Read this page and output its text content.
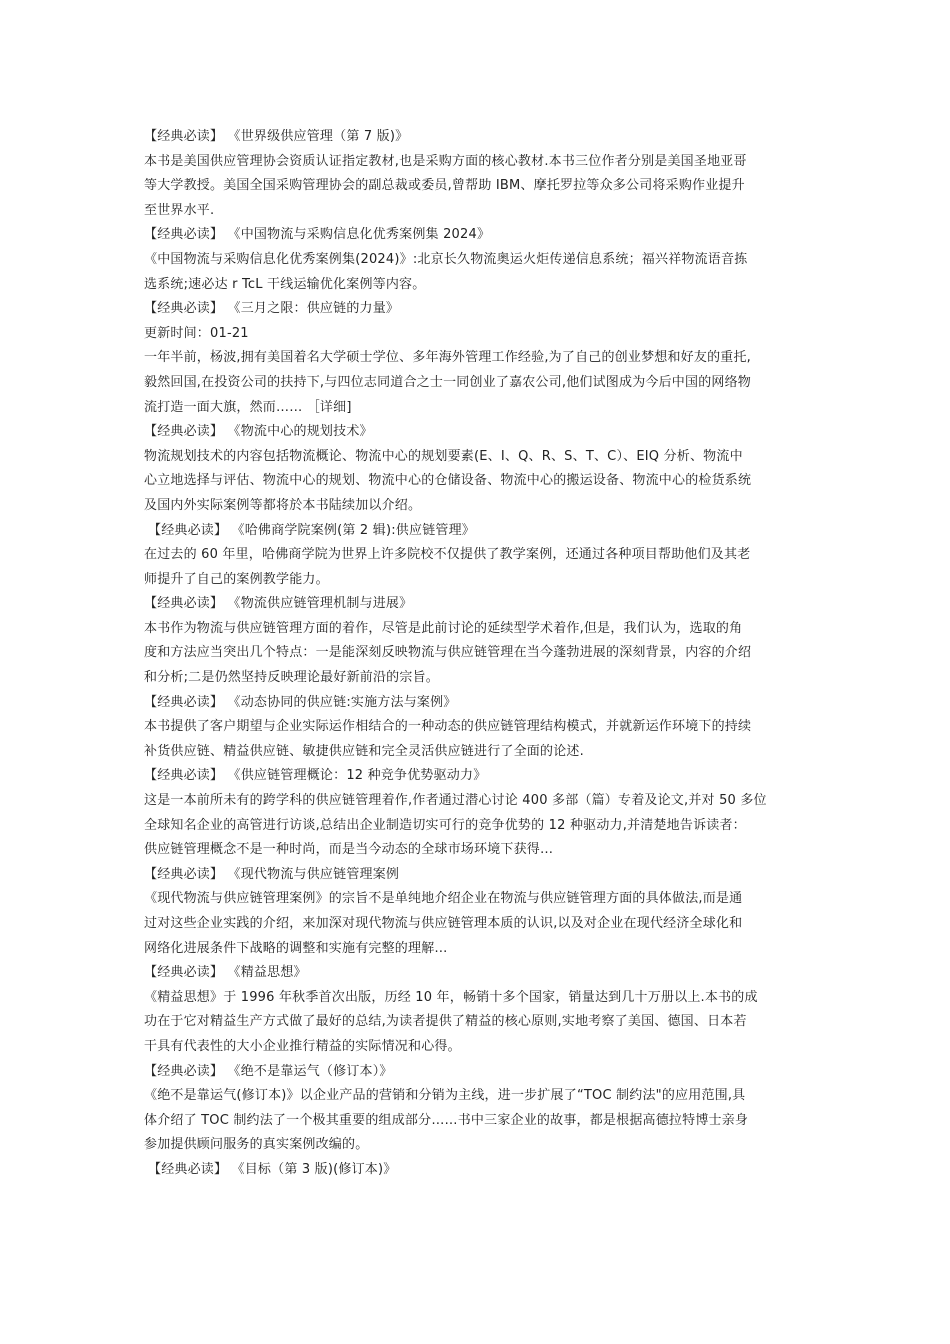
【经典必读】 《世界级供应管理（第 7 版)》
本书是美国供应管理协会资质认证指定教材,也是采购方面的核心教材.本书三位作者分别是美国圣地亚哥
等大学教授。美国全国采购管理协会的副总裁或委员,曾帮助 IBM、摩托罗拉等众多公司将采购作业提升
至世界水平.
【经典必读】 《中国物流与采购信息化优秀案例集 2024》
《中国物流与采购信息化优秀案例集(2024)》:北京长久物流奥运火炬传递信息系统；福兴祥物流语音拣
选系统;速必达 r TcL 干线运输优化案例等内容。
【经典必读】 《三月之限：供应链的力量》
更新时间：01-21
一年半前，杨波,拥有美国着名大学硕士学位、多年海外管理工作经验,为了自己的创业梦想和好友的重托,
毅然回国,在投资公司的扶持下,与四位志同道合之士一同创业了嘉农公司,他们试图成为今后中国的网络物
流打造一面大旗，然而…… ［详细]
【经典必读】 《物流中心的规划技术》
物流规划技术的内容包括物流概论、物流中心的规划要素(E、I、Q、R、S、T、C）、EIQ 分析、物流中
心立地选择与评估、物流中心的规划、物流中心的仓储设备、物流中心的搬运设备、物流中心的检货系统
及国内外实际案例等都将於本书陆续加以介绍。
【经典必读】 《哈佛商学院案例(第 2 辑):供应链管理》
在过去的 60 年里，哈佛商学院为世界上许多院校不仅提供了教学案例，还通过各种项目帮助他们及其老
师提升了自己的案例教学能力。
【经典必读】 《物流供应链管理机制与进展》
本书作为物流与供应链管理方面的着作，尽管是此前讨论的延续型学术着作,但是，我们认为，选取的角
度和方法应当突出几个特点：一是能深刻反映物流与供应链管理在当今蓬勃进展的深刻背景，内容的介绍
和分析;二是仍然坚持反映理论最好新前沿的宗旨。
【经典必读】 《动态协同的供应链:实施方法与案例》
本书提供了客户期望与企业实际运作相结合的一种动态的供应链管理结构模式，并就新运作环境下的持续
补货供应链、精益供应链、敏捷供应链和完全灵活供应链进行了全面的论述.
【经典必读】 《供应链管理概论：12 种竞争优势驱动力》
这是一本前所未有的跨学科的供应链管理着作,作者通过潜心讨论 400 多部（篇）专着及论文,并对 50 多位
全球知名企业的高管进行访谈,总结出企业制造切实可行的竞争优势的 12 种驱动力,并清楚地告诉读者：
供应链管理概念不是一种时尚，而是当今动态的全球市场环境下获得…
【经典必读】 《现代物流与供应链管理案例
《现代物流与供应链管理案例》的宗旨不是单纯地介绍企业在物流与供应链管理方面的具体做法,而是通
过对这些企业实践的介绍，来加深对现代物流与供应链管理本质的认识,以及对企业在现代经济全球化和
网络化进展条件下战略的调整和实施有完整的理解…
【经典必读】 《精益思想》
《精益思想》于 1996 年秋季首次出版，历经 10 年，畅销十多个国家，销量达到几十万册以上.本书的成
功在于它对精益生产方式做了最好的总结,为读者提供了精益的核心原则,实地考察了美国、德国、日本若
干具有代表性的大小企业推行精益的实际情况和心得。
【经典必读】 《绝不是靠运气（修订本）》
《绝不是靠运气(修订本)》以企业产品的营销和分销为主线，进一步扩展了“TOC 制约法"的应用范围,具
体介绍了 TOC 制约法了一个极其重要的组成部分……书中三家企业的故事，都是根据高德拉特博士亲身
参加提供顾问服务的真实案例改编的。
【经典必读】 《目标（第 3 版)(修订本)》
